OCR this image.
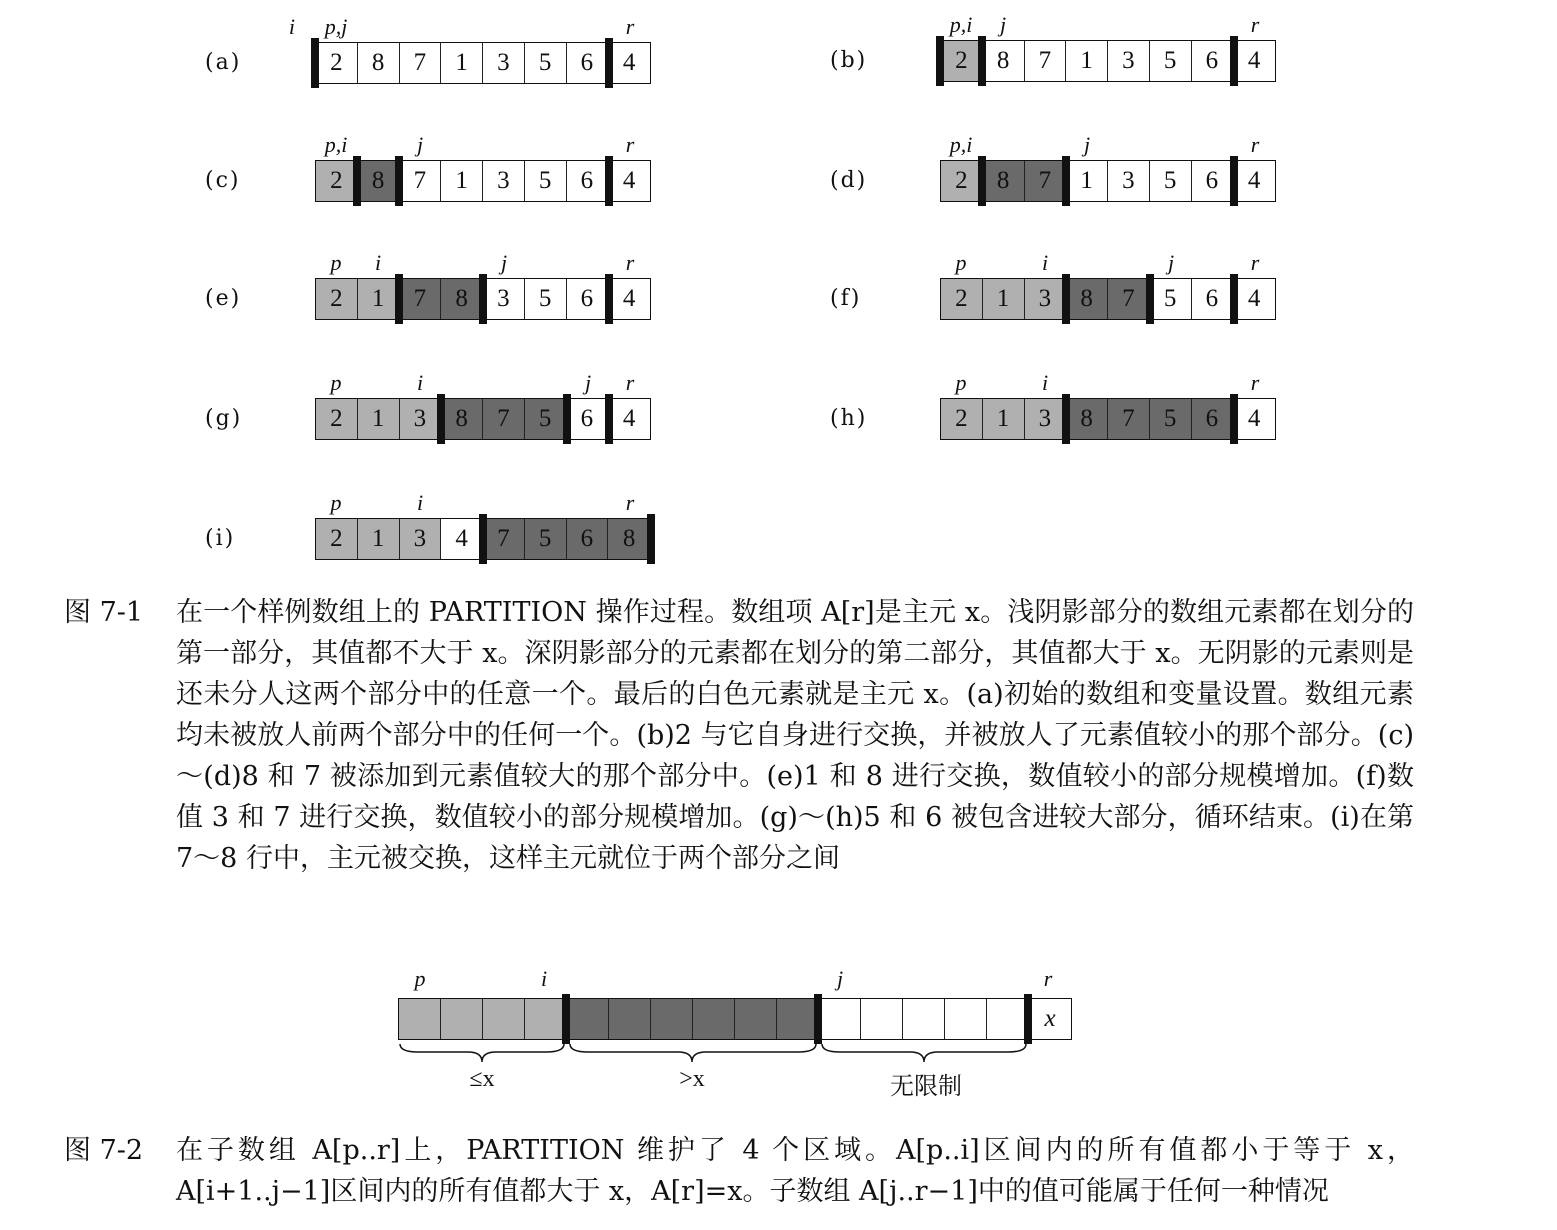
(a)
i p,j	r
2	8	7	1	3	5	6	4	(b)
p,i j	r
2	8	7	1	3	5	6	4
(c)
p,i	j	r
2	8	7	1	3	5	6	4	(d)
p,i	j	r
2	8	7	1	3	5	6	4
(e)
p i	j	r
2	1	7	8	3	5	6	4	(f)
p	i	j	r
2	1	3	8	7	5	6	4
(g)
p	i	j r
2	1	3	8	7	5	6	4	(h)
p	i	r
2	1	3	8	7	5	6	4
(i)
p	i	r
2	1	3	4	7	5	6	8
图 7-1 在一个样例数组上的 PARTITION 操作过程。数组项 A[r]是主元 x。浅阴影部分的数组元素都在划分的第一部分，其值都不大于 x。深阴影部分的元素都在划分的第二部分，其值都大于 x。无阴影的元素则是还未分人这两个部分中的任意一个。最后的白色元素就是主元 x。(a)初始的数组和变量设置。数组元素均未被放人前两个部分中的任何一个。(b)2 与它自身进行交换，并被放人了元素值较小的那个部分。(c)～(d)8 和 7 被添加到元素值较大的那个部分中。(e)1 和 8 进行交换，数值较小的部分规模增加。(f)数值 3 和 7 进行交换，数值较小的部分规模增加。(g)～(h)5 和 6 被包含进较大部分，循环结束。(i)在第 7～8 行中，主元被交换，这样主元就位于两个部分之间
p	i	j	r
x
≤x	>x	无限制
图 7-2 在子数组 A[p..r]上，PARTITION 维护了 4 个区域。A[p..i]区间内的所有值都小于等于 x，A[i+1..j−1]区间内的所有值都大于 x，A[r]=x。子数组 A[j..r−1]中的值可能属于任何一种情况
